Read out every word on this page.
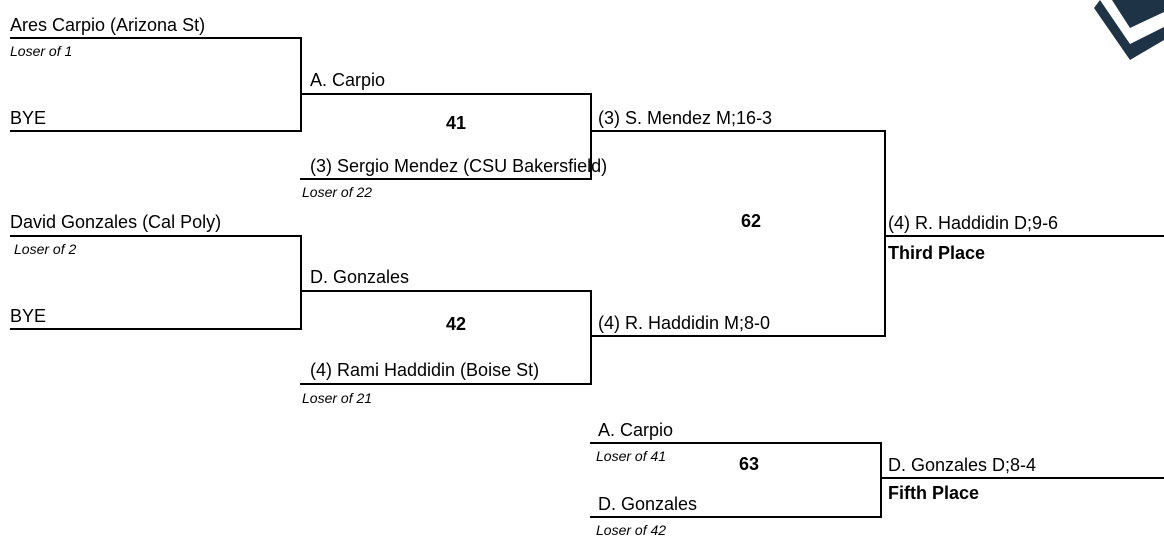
Ares Carpio (Arizona St)
Loser of 1
BYE
A. Carpio
41
(3) Sergio Mendez (CSU Bakersfield)
Loser of 22
David Gonzales (Cal Poly)
Loser of 2
BYE
D. Gonzales
42
(4) Rami Haddidin (Boise St)
Loser of 21
(3) S. Mendez M;16-3
62
(4) R. Haddidin M;8-0
(4) R. Haddidin D;9-6
Third Place
A. Carpio
Loser of 41	63
D. Gonzales
Loser of 42
D. Gonzales D;8-4
Fifth Place
